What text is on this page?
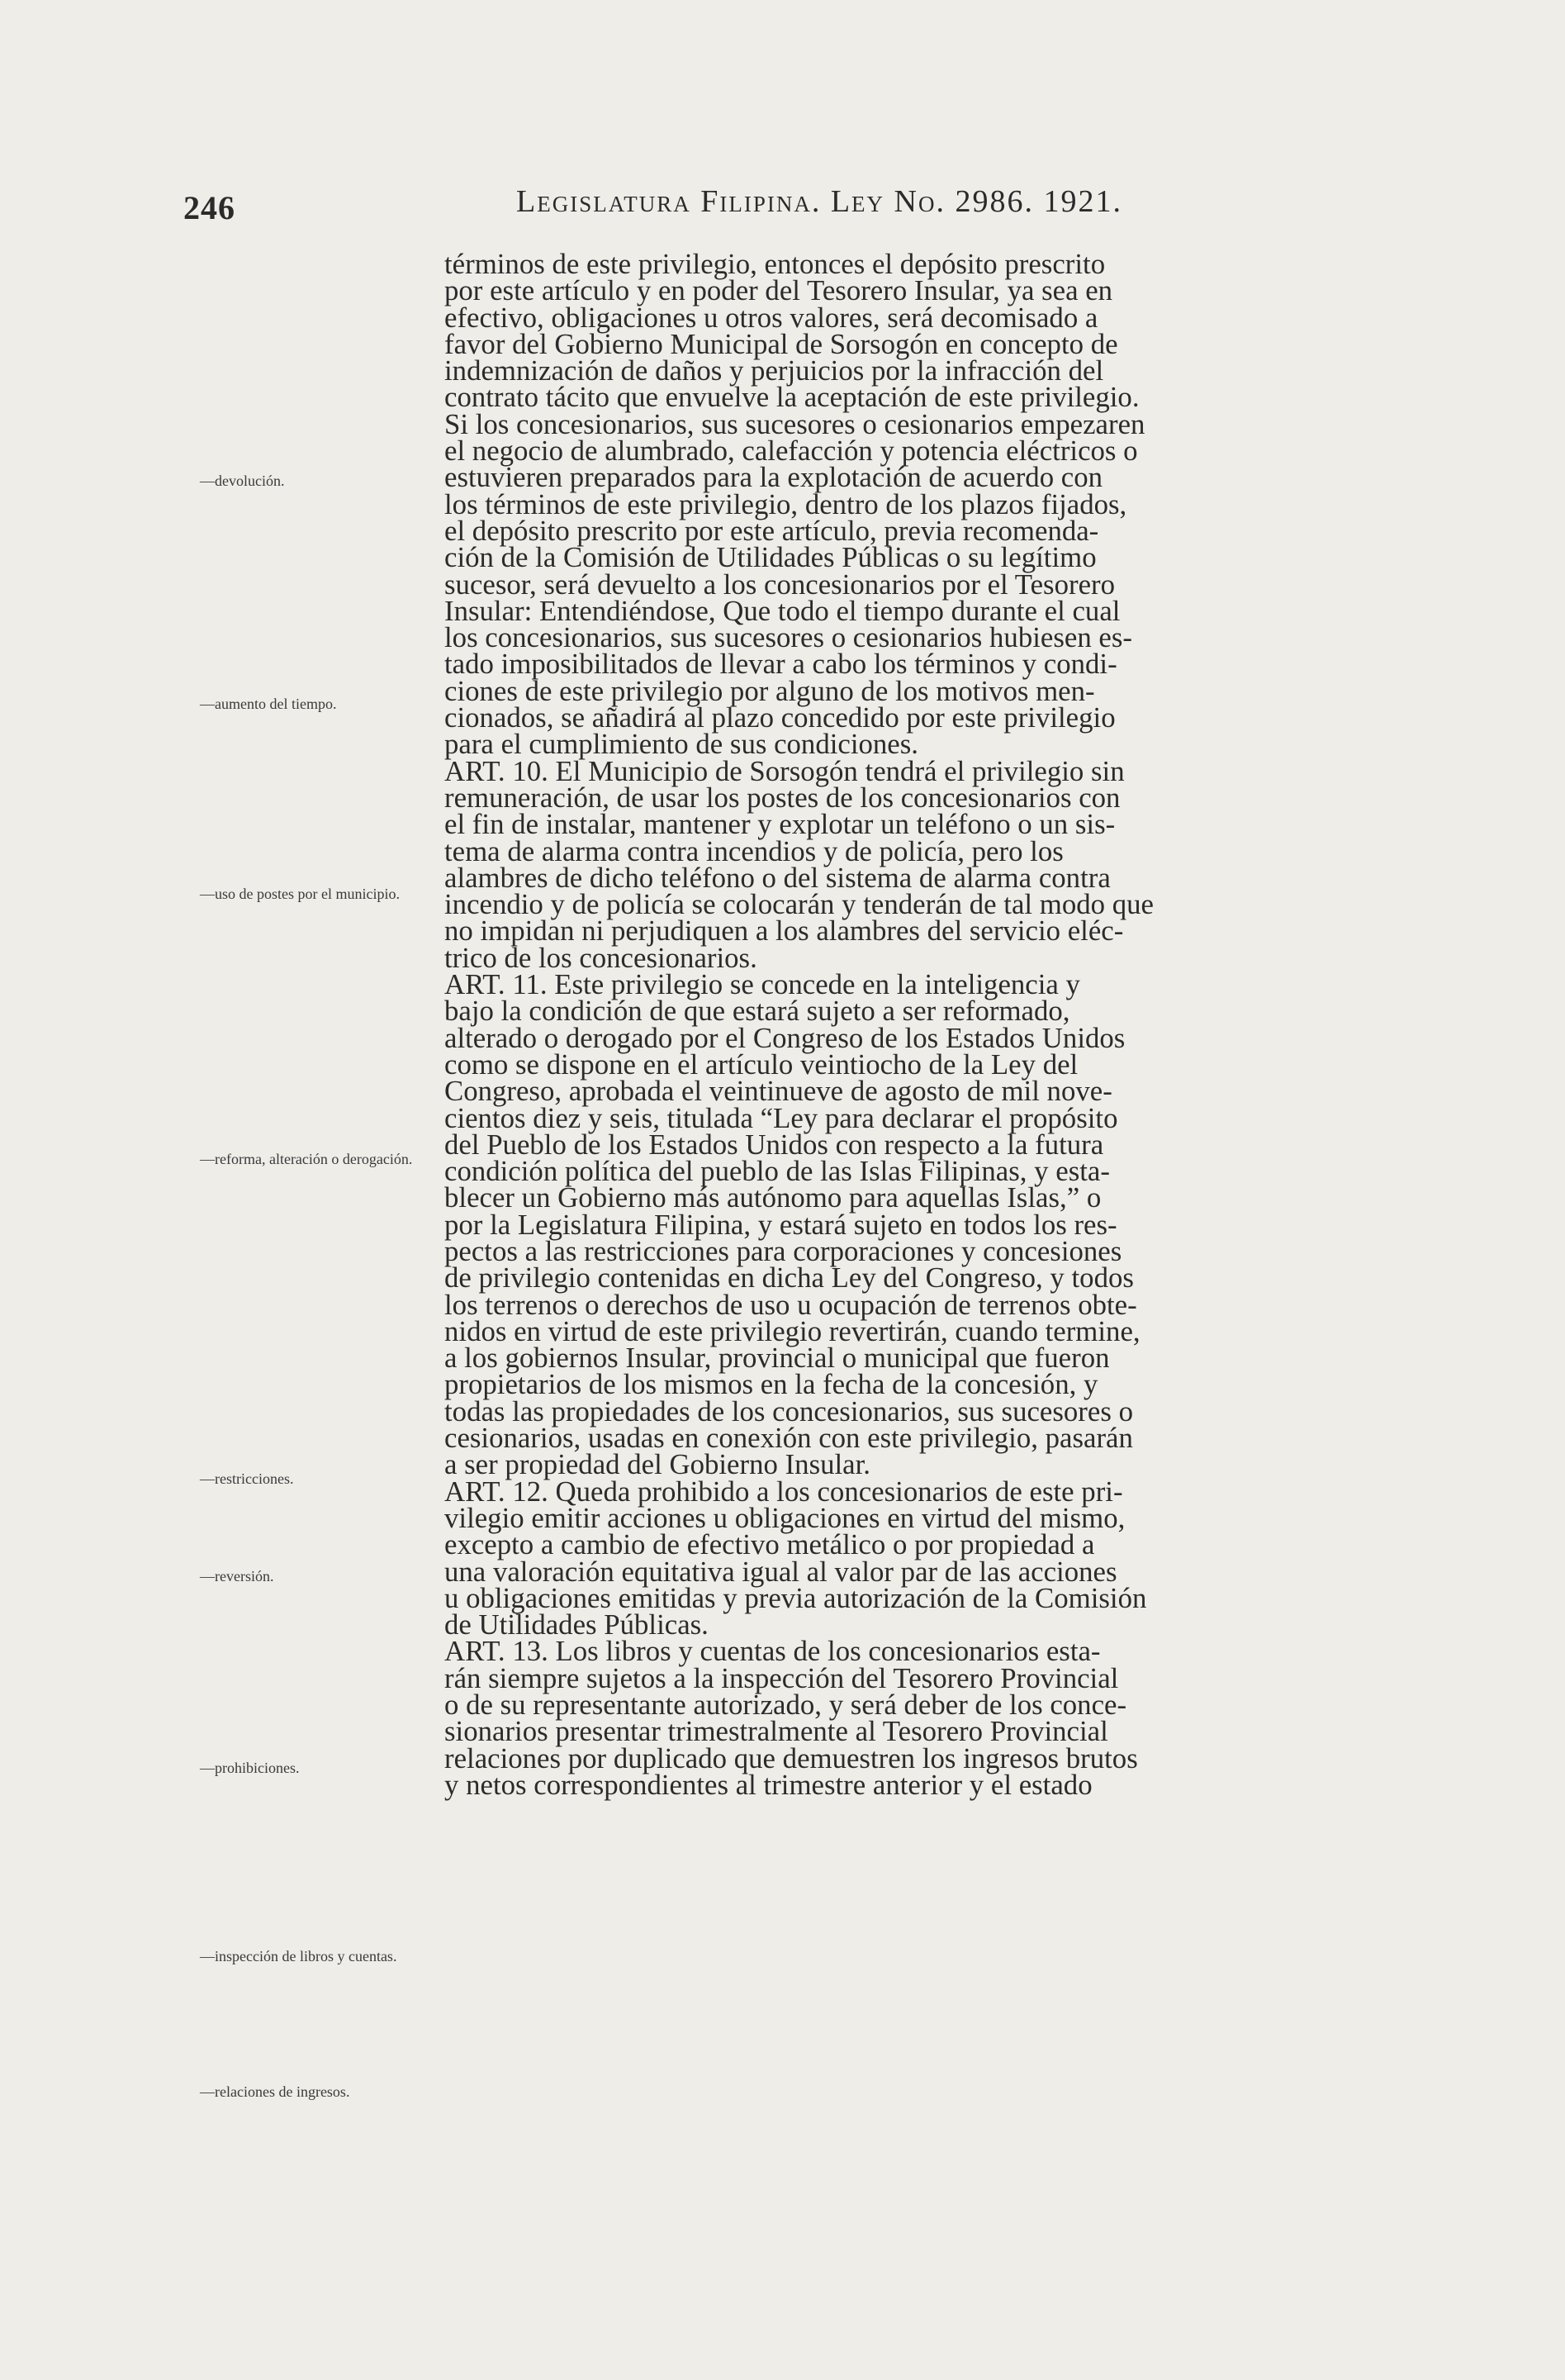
246	Legislatura Filipina. Ley No. 2986. 1921.
—devolución.
—aumento del tiempo.
—uso de postes por el municipio.
—reforma, alteración o derogación.
—restricciones.
—reversión.
—prohibiciones.
—inspección de libros y cuentas.
—relaciones de ingresos.
términos de este privilegio, entonces el depósito prescrito
por este artículo y en poder del Tesorero Insular, ya sea en
efectivo, obligaciones u otros valores, será decomisado a
favor del Gobierno Municipal de Sorsogón en concepto de
indemnización de daños y perjuicios por la infracción del
contrato tácito que envuelve la aceptación de este privilegio.
Si los concesionarios, sus sucesores o cesionarios empezaren
el negocio de alumbrado, calefacción y potencia eléctricos o
estuvieren preparados para la explotación de acuerdo con
los términos de este privilegio, dentro de los plazos fijados,
el depósito prescrito por este artículo, previa recomenda-
ción de la Comisión de Utilidades Públicas o su legítimo
sucesor, será devuelto a los concesionarios por el Tesorero
Insular: Entendiéndose, Que todo el tiempo durante el cual
los concesionarios, sus sucesores o cesionarios hubiesen es-
tado imposibilitados de llevar a cabo los términos y condi-
ciones de este privilegio por alguno de los motivos men-
cionados, se añadirá al plazo concedido por este privilegio
para el cumplimiento de sus condiciones.
ART. 10. El Municipio de Sorsogón tendrá el privilegio sin
remuneración, de usar los postes de los concesionarios con
el fin de instalar, mantener y explotar un teléfono o un sis-
tema de alarma contra incendios y de policía, pero los
alambres de dicho teléfono o del sistema de alarma contra
incendio y de policía se colocarán y tenderán de tal modo que
no impidan ni perjudiquen a los alambres del servicio eléc-
trico de los concesionarios.
ART. 11. Este privilegio se concede en la inteligencia y
bajo la condición de que estará sujeto a ser reformado,
alterado o derogado por el Congreso de los Estados Unidos
como se dispone en el artículo veintiocho de la Ley del
Congreso, aprobada el veintinueve de agosto de mil nove-
cientos diez y seis, titulada “Ley para declarar el propósito
del Pueblo de los Estados Unidos con respecto a la futura
condición política del pueblo de las Islas Filipinas, y esta-
blecer un Gobierno más autónomo para aquellas Islas,” o
por la Legislatura Filipina, y estará sujeto en todos los res-
pectos a las restricciones para corporaciones y concesiones
de privilegio contenidas en dicha Ley del Congreso, y todos
los terrenos o derechos de uso u ocupación de terrenos obte-
nidos en virtud de este privilegio revertirán, cuando termine,
a los gobiernos Insular, provincial o municipal que fueron
propietarios de los mismos en la fecha de la concesión, y
todas las propiedades de los concesionarios, sus sucesores o
cesionarios, usadas en conexión con este privilegio, pasarán
a ser propiedad del Gobierno Insular.
ART. 12. Queda prohibido a los concesionarios de este pri-
vilegio emitir acciones u obligaciones en virtud del mismo,
excepto a cambio de efectivo metálico o por propiedad a
una valoración equitativa igual al valor par de las acciones
u obligaciones emitidas y previa autorización de la Comisión
de Utilidades Públicas.
ART. 13. Los libros y cuentas de los concesionarios esta-
rán siempre sujetos a la inspección del Tesorero Provincial
o de su representante autorizado, y será deber de los conce-
sionarios presentar trimestralmente al Tesorero Provincial
relaciones por duplicado que demuestren los ingresos brutos
y netos correspondientes al trimestre anterior y el estado
